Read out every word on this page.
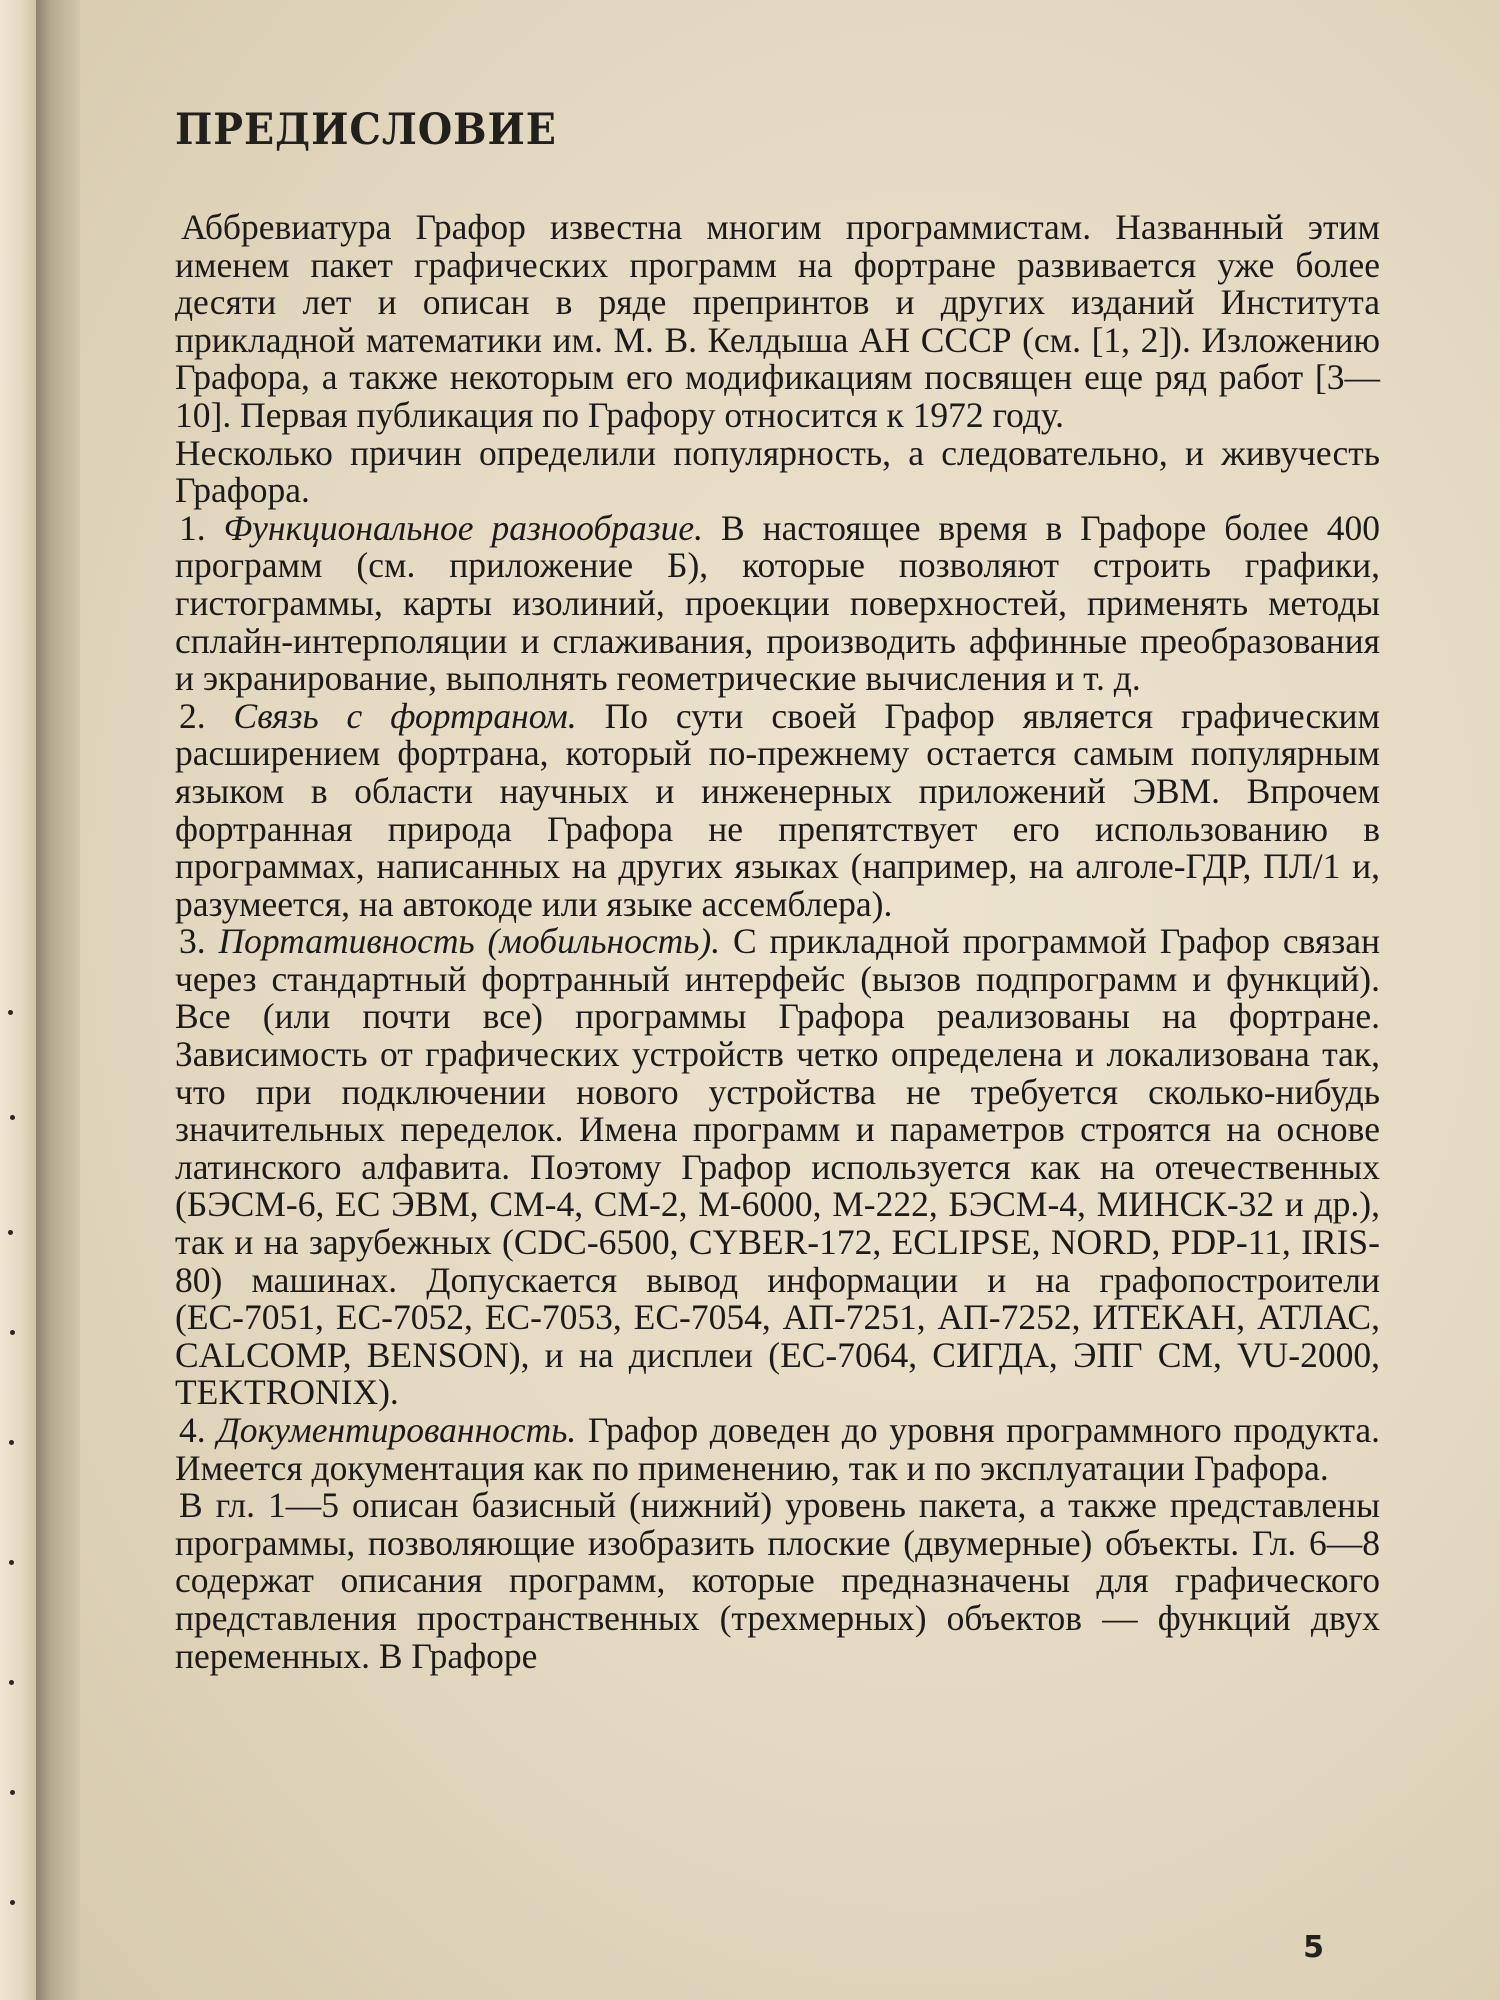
ПРЕДИСЛОВИЕ

Аббревиатура Графор известна многим программистам. Названный этим именем пакет графических программ на фортране развивается уже более десяти лет и описан в ряде препринтов и других изданий Института прикладной математики им. М. В. Келдыша АН СССР (см. [1, 2]). Изложению Графора, а также некоторым его модификациям посвящен еще ряд работ [3—10]. Первая публикация по Графору относится к 1972 году.

Несколько причин определили популярность, а следовательно, и живучесть Графора.

1. Функциональное разнообразие. В настоящее время в Графоре более 400 программ (см. приложение Б), которые позволяют строить графики, гистограммы, карты изолиний, проекции поверхностей, применять методы сплайн-интерполяции и сглаживания, производить аффинные преобразования и экранирование, выполнять геометрические вычисления и т. д.

2. Связь с фортраном. По сути своей Графор является графическим расширением фортрана, который по-прежнему остается самым популярным языком в области научных и инженерных приложений ЭВМ. Впрочем фортранная природа Графора не препятствует его использованию в программах, написанных на других языках (например, на алголе-ГДР, ПЛ/1 и, разумеется, на автокоде или языке ассемблера).

3. Портативность (мобильность). С прикладной программой Графор связан через стандартный фортранный интерфейс (вызов подпрограмм и функций). Все (или почти все) программы Графора реализованы на фортране. Зависимость от графических устройств четко определена и локализована так, что при подключении нового устройства не требуется сколько-нибудь значительных переделок. Имена программ и параметров строятся на основе латинского алфавита. Поэтому Графор используется как на отечественных (БЭСМ-6, ЕС ЭВМ, СМ-4, СМ-2, М-6000, М-222, БЭСМ-4, МИНСК-32 и др.), так и на зарубежных (CDC-6500, CYBER-172, ECLIPSE, NORD, PDP-11, IRIS-80) машинах. Допускается вывод информации и на графопостроители (ЕС-7051, ЕС-7052, ЕС-7053, ЕС-7054, АП-7251, АП-7252, ИТЕКАН, АТЛАС, CALCOMP, BENSON), и на дисплеи (ЕС-7064, СИГДА, ЭПГ СМ, VU-2000, TEKTRONIX).

4. Документированность. Графор доведен до уровня программного продукта. Имеется документация как по применению, так и по эксплуатации Графора.

В гл. 1—5 описан базисный (нижний) уровень пакета, а также представлены программы, позволяющие изобразить плоские (двумерные) объекты. Гл. 6—8 содержат описания программ, которые предназначены для графического представления пространственных (трехмерных) объектов — функций двух переменных. В Графоре

5
